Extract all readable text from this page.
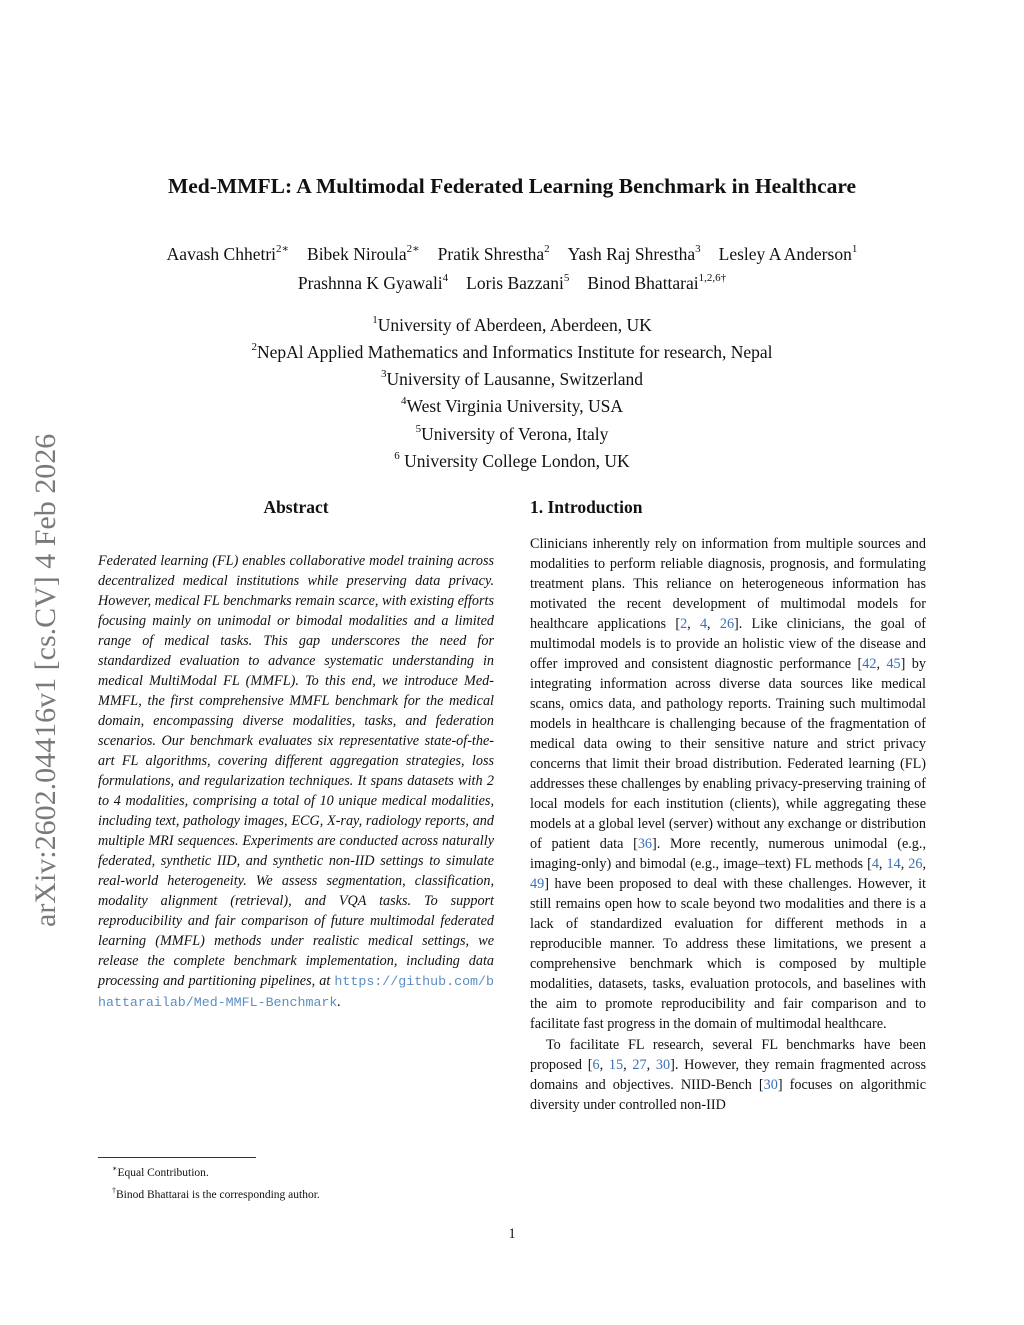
arXiv:2602.04416v1 [cs.CV] 4 Feb 2026
Med-MMFL: A Multimodal Federated Learning Benchmark in Healthcare
Aavash Chhetri$^{2∗}$ Bibek Niroula$^{2∗}$ Pratik Shrestha$^2$ Yash Raj Shrestha$^3$ Lesley A Anderson$^1$
Prashnna K Gyawali$^4$ Loris Bazzani$^5$ Binod Bhattarai$^{1,2,6\dagger}$
$^1$University of Aberdeen, Aberdeen, UK
$^2$NepAl Applied Mathematics and Informatics Institute for research, Nepal
$^3$University of Lausanne, Switzerland
$^4$West Virginia University, USA
$^5$University of Verona, Italy
$^6$ University College London, UK
Abstract
Federated learning (FL) enables collaborative model training across decentralized medical institutions while preserving data privacy. However, medical FL benchmarks remain scarce, with existing efforts focusing mainly on unimodal or bimodal modalities and a limited range of medical tasks. This gap underscores the need for standardized evaluation to advance systematic understanding in medical MultiModal FL (MMFL). To this end, we introduce Med-MMFL, the first comprehensive MMFL benchmark for the medical domain, encompassing diverse modalities, tasks, and federation scenarios. Our benchmark evaluates six representative state-of-the-art FL algorithms, covering different aggregation strategies, loss formulations, and regularization techniques. It spans datasets with 2 to 4 modalities, comprising a total of 10 unique medical modalities, including text, pathology images, ECG, X-ray, radiology reports, and multiple MRI sequences. Experiments are conducted across naturally federated, synthetic IID, and synthetic non-IID settings to simulate real-world heterogeneity. We assess segmentation, classification, modality alignment (retrieval), and VQA tasks. To support reproducibility and fair comparison of future multimodal federated learning (MMFL) methods under realistic medical settings, we release the complete benchmark implementation, including data processing and partitioning pipelines, at https://github.com/bhattarailab/Med-MMFL-Benchmark.
1. Introduction

Clinicians inherently rely on information from multiple sources and modalities to perform reliable diagnosis, prognosis, and formulating treatment plans. This reliance on heterogeneous information has motivated the recent development of multimodal models for healthcare applications [2, 4, 26]. Like clinicians, the goal of multimodal models is to provide an holistic view of the disease and offer improved and consistent diagnostic performance [42, 45] by integrating information across diverse data sources like medical scans, omics data, and pathology reports. Training such multimodal models in healthcare is challenging because of the fragmentation of medical data owing to their sensitive nature and strict privacy concerns that limit their broad distribution. Federated learning (FL) addresses these challenges by enabling privacy-preserving training of local models for each institution (clients), while aggregating these models at a global level (server) without any exchange or distribution of patient data [36]. More recently, numerous unimodal (e.g., imaging-only) and bimodal (e.g., image–text) FL methods [4, 14, 26, 49] have been proposed to deal with these challenges. However, it still remains open how to scale beyond two modalities and there is a lack of standardized evaluation for different methods in a reproducible manner. To address these limitations, we present a comprehensive benchmark which is composed by multiple modalities, datasets, tasks, evaluation protocols, and baselines with the aim to promote reproducibility and fair comparison and to facilitate fast progress in the domain of multimodal healthcare.

To facilitate FL research, several FL benchmarks have been proposed [6, 15, 27, 30]. However, they remain fragmented across domains and objectives. NIID-Bench [30] focuses on algorithmic diversity under controlled non-IID

∗Equal Contribution.
†Binod Bhattarai is the corresponding author.
1
